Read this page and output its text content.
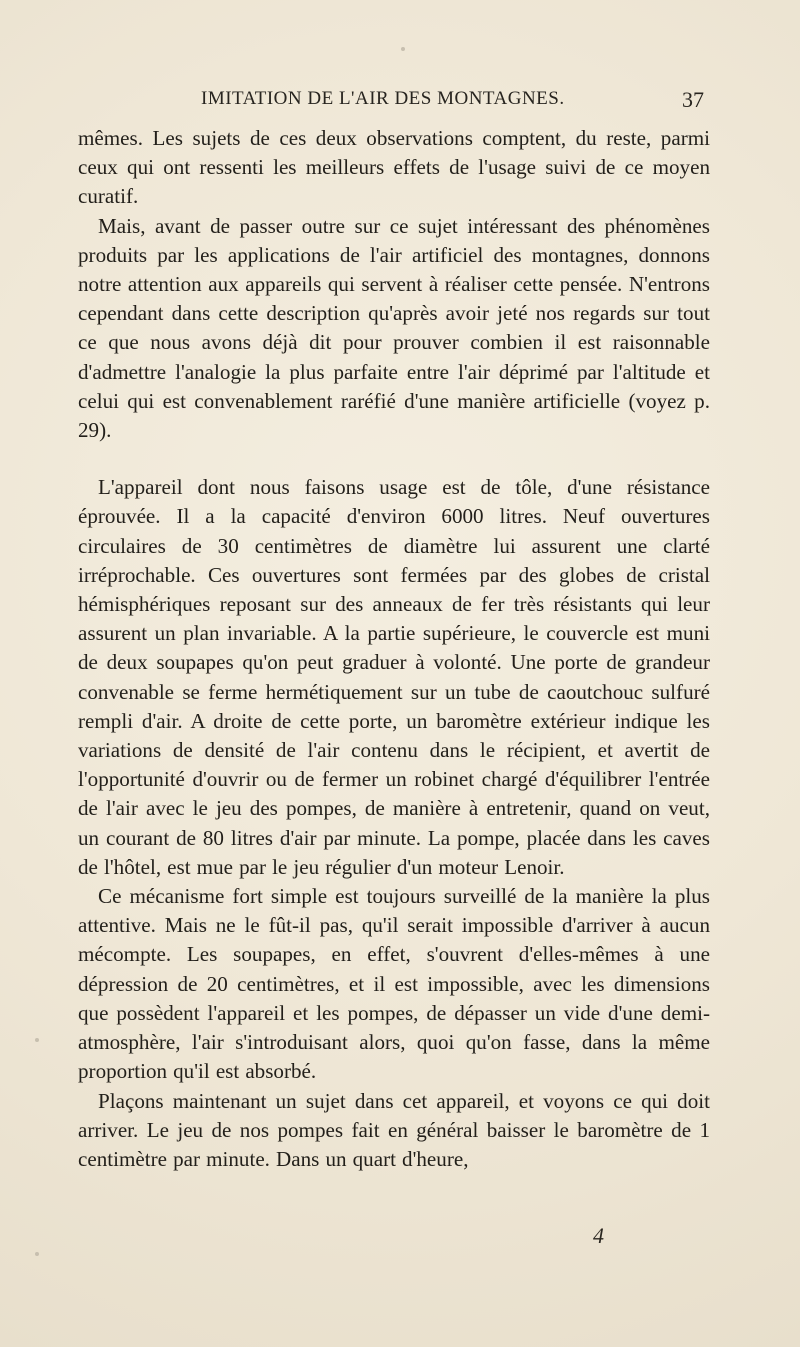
IMITATION DE L'AIR DES MONTAGNES.	37

mêmes. Les sujets de ces deux observations comptent, du reste, parmi ceux qui ont ressenti les meilleurs effets de l'usage suivi de ce moyen curatif.

Mais, avant de passer outre sur ce sujet intéressant des phénomènes produits par les applications de l'air artificiel des montagnes, donnons notre attention aux appareils qui servent à réaliser cette pensée. N'entrons cependant dans cette description qu'après avoir jeté nos regards sur tout ce que nous avons déjà dit pour prouver combien il est raisonnable d'admettre l'analogie la plus parfaite entre l'air déprimé par l'altitude et celui qui est convenablement raréfié d'une manière artificielle (voyez p. 29).

L'appareil dont nous faisons usage est de tôle, d'une résistance éprouvée. Il a la capacité d'environ 6000 litres. Neuf ouvertures circulaires de 30 centimètres de diamètre lui assurent une clarté irréprochable. Ces ouvertures sont fermées par des globes de cristal hémisphériques reposant sur des anneaux de fer très résistants qui leur assurent un plan invariable. A la partie supérieure, le couvercle est muni de deux soupapes qu'on peut graduer à volonté. Une porte de grandeur convenable se ferme hermétiquement sur un tube de caoutchouc sulfuré rempli d'air. A droite de cette porte, un baromètre extérieur indique les variations de densité de l'air contenu dans le récipient, et avertit de l'opportunité d'ouvrir ou de fermer un robinet chargé d'équilibrer l'entrée de l'air avec le jeu des pompes, de manière à entretenir, quand on veut, un courant de 80 litres d'air par minute. La pompe, placée dans les caves de l'hôtel, est mue par le jeu régulier d'un moteur Lenoir.

Ce mécanisme fort simple est toujours surveillé de la manière la plus attentive. Mais ne le fût-il pas, qu'il serait impossible d'arriver à aucun mécompte. Les soupapes, en effet, s'ouvrent d'elles-mêmes à une dépression de 20 centimètres, et il est impossible, avec les dimensions que possèdent l'appareil et les pompes, de dépasser un vide d'une demi-atmosphère, l'air s'introduisant alors, quoi qu'on fasse, dans la même proportion qu'il est absorbé.

Plaçons maintenant un sujet dans cet appareil, et voyons ce qui doit arriver. Le jeu de nos pompes fait en général baisser le baromètre de 1 centimètre par minute. Dans un quart d'heure,

4
